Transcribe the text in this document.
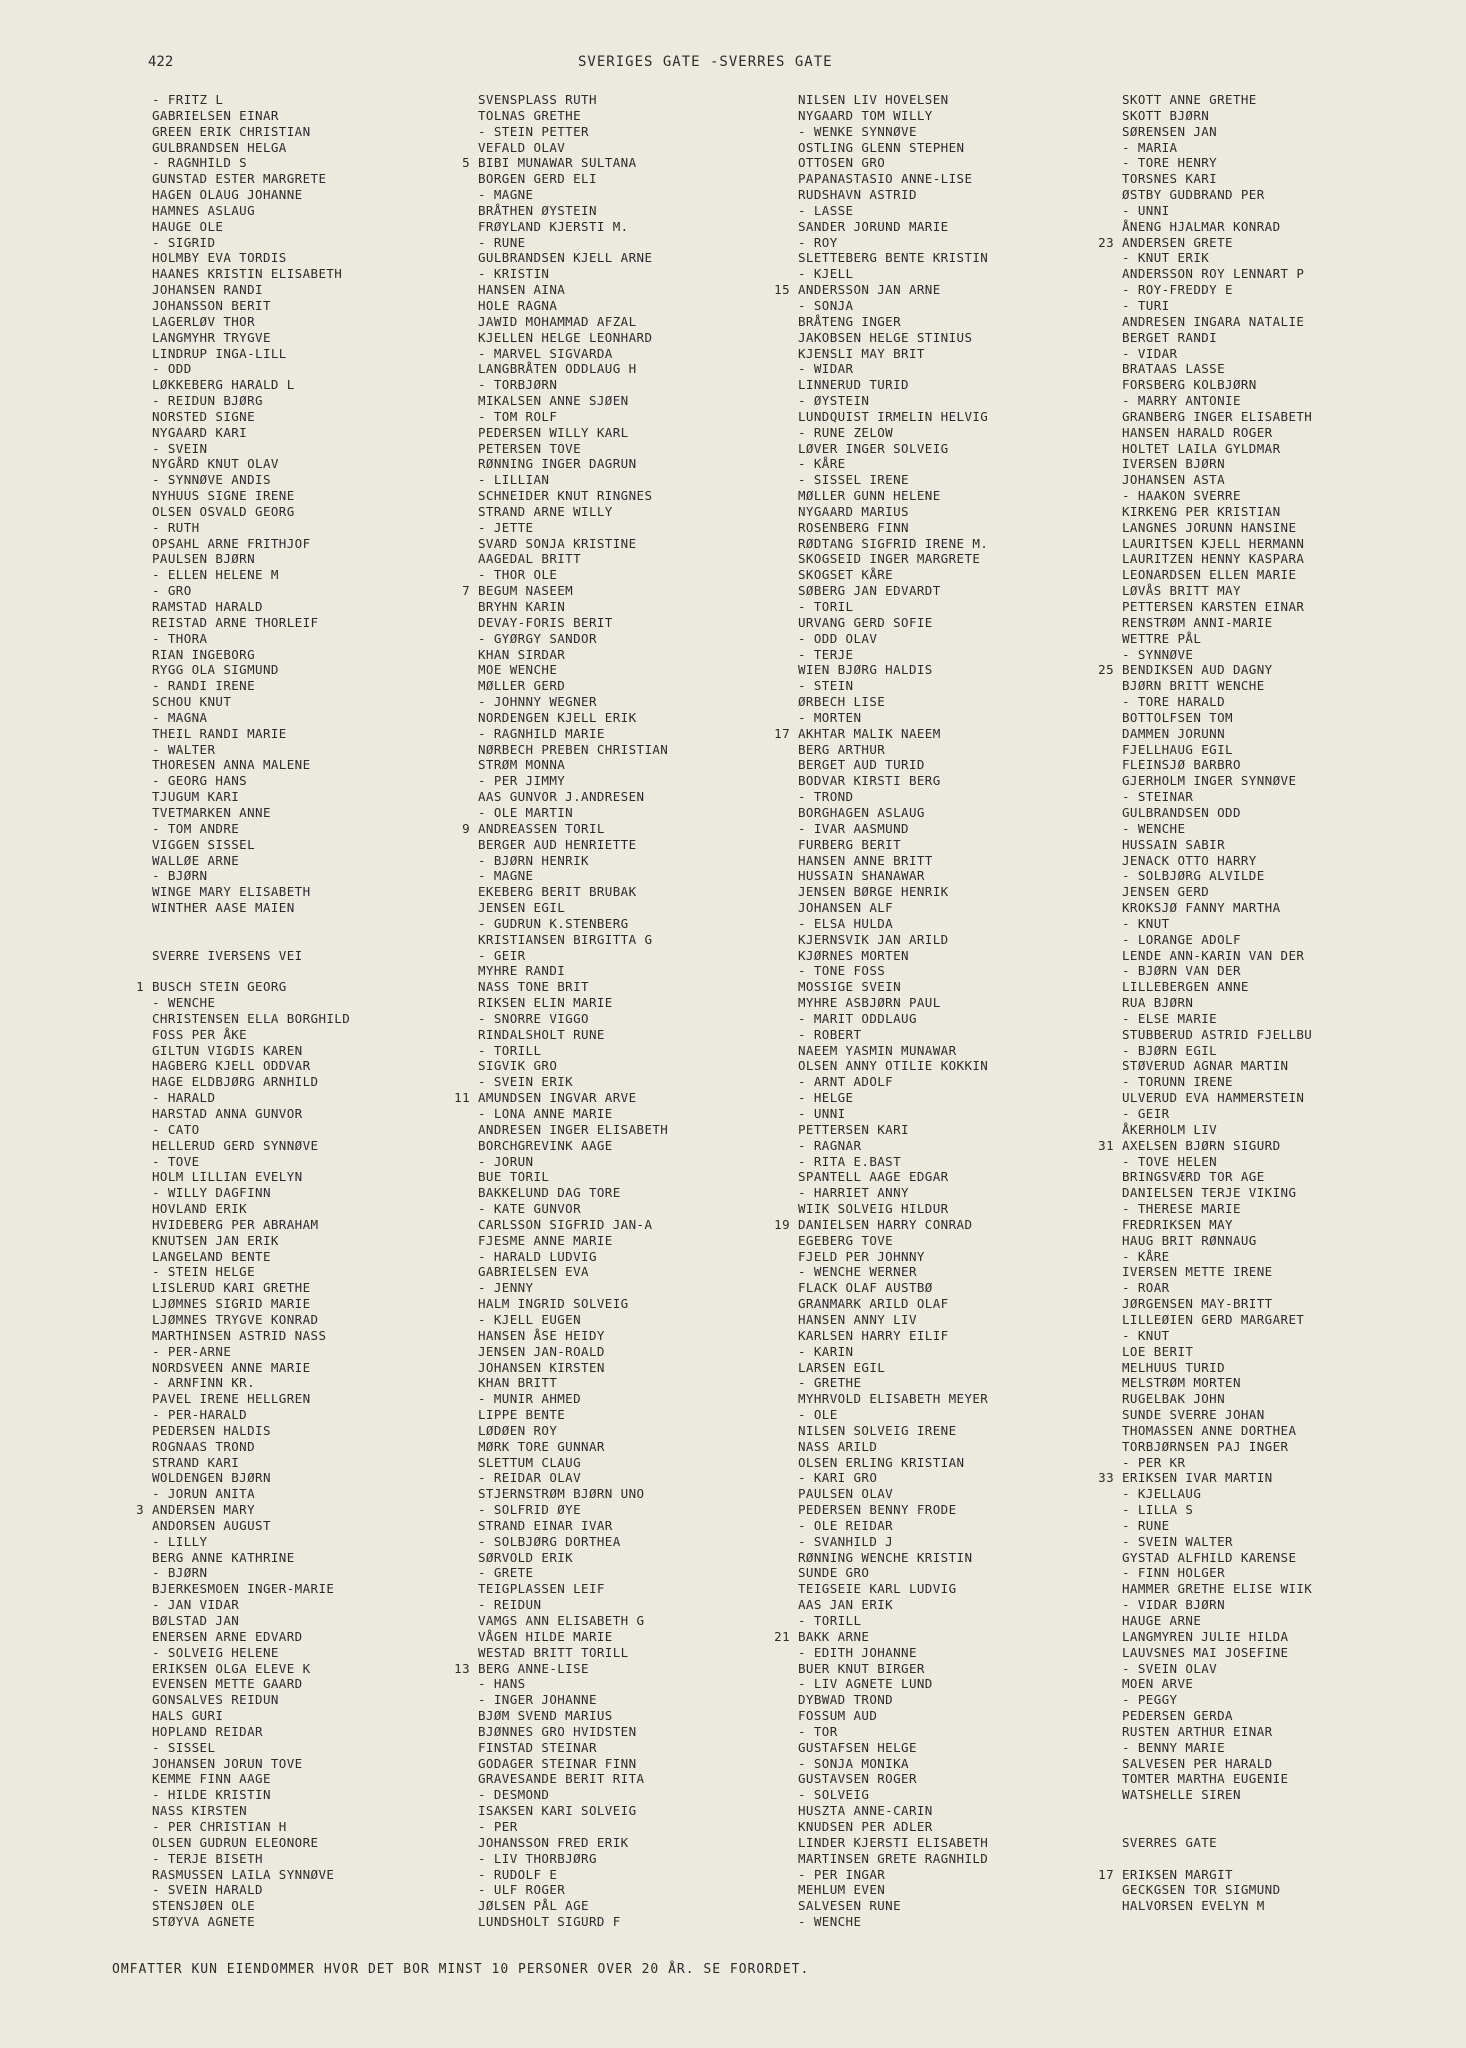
422	SVERIGES GATE -SVERRES GATE
- FRITZ L
GABRIELSEN EINAR
GREEN ERIK CHRISTIAN
GULBRANDSEN HELGA
- RAGNHILD S
GUNSTAD ESTER MARGRETE
HAGEN OLAUG JOHANNE
HAMNES ASLAUG
HAUGE OLE
- SIGRID
HOLMBY EVA TORDIS
HAANES KRISTIN ELISABETH
JOHANSEN RANDI
JOHANSSON BERIT
LAGERLØV THOR
LANGMYHR TRYGVE
LINDRUP INGA-LILL
- ODD
LØKKEBERG HARALD L
- REIDUN BJØRG
NORSTED SIGNE
NYGAARD KARI
- SVEIN
NYGÅRD KNUT OLAV
- SYNNØVE ANDIS
NYHUUS SIGNE IRENE
OLSEN OSVALD GEORG
- RUTH
OPSAHL ARNE FRITHJOF
PAULSEN BJØRN
- ELLEN HELENE M
- GRO
RAMSTAD HARALD
REISTAD ARNE THORLEIF
- THORA
RIAN INGEBORG
RYGG OLA SIGMUND
- RANDI IRENE
SCHOU KNUT
- MAGNA
THEIL RANDI MARIE
- WALTER
THORESEN ANNA MALENE
- GEORG HANS
TJUGUM KARI
TVETMARKEN ANNE
- TOM ANDRE
VIGGEN SISSEL
WALLØE ARNE
- BJØRN
WINGE MARY ELISABETH
WINTHER AASE MAIEN
SVERRE IVERSENS VEI
1 BUSCH STEIN GEORG
- WENCHE
CHRISTENSEN ELLA BORGHILD
FOSS PER ÅKE
GILTUN VIGDIS KAREN
HAGBERG KJELL ODDVAR
HAGE ELDBJØRG ARNHILD
- HARALD
HARSTAD ANNA GUNVOR
- CATO
HELLERUD GERD SYNNØVE
- TOVE
HOLM LILLIAN EVELYN
- WILLY DAGFINN
HOVLAND ERIK
HVIDEBERG PER ABRAHAM
KNUTSEN JAN ERIK
LANGELAND BENTE
- STEIN HELGE
LISLERUD KARI GRETHE
LJØMNES SIGRID MARIE
LJØMNES TRYGVE KONRAD
MARTHINSEN ASTRID NASS
- PER-ARNE
NORDSVEEN ANNE MARIE
- ARNFINN KR.
PAVEL IRENE HELLGREN
- PER-HARALD
PEDERSEN HALDIS
ROGNAAS TROND
STRAND KARI
WOLDENGEN BJØRN
- JORUN ANITA
3 ANDERSEN MARY
ANDORSEN AUGUST
- LILLY
BERG ANNE KATHRINE
- BJØRN
BJERKESMOEN INGER-MARIE
- JAN VIDAR
BØLSTAD JAN
ENERSEN ARNE EDVARD
- SOLVEIG HELENE
ERIKSEN OLGA ELEVE K
EVENSEN METTE GAARD
GONSALVES REIDUN
HALS GURI
HOPLAND REIDAR
- SISSEL
JOHANSEN JORUN TOVE
KEMME FINN AAGE
- HILDE KRISTIN
NASS KIRSTEN
- PER CHRISTIAN H
OLSEN GUDRUN ELEONORE
- TERJE BISETH
RASMUSSEN LAILA SYNNØVE
- SVEIN HARALD
STENSJØEN OLE
STØYVA AGNETE
SVENSPLASS RUTH
TOLNAS GRETHE
- STEIN PETTER
VEFALD OLAV
5 BIBI MUNAWAR SULTANA
BORGEN GERD ELI
- MAGNE
BRÅTHEN ØYSTEIN
FRØYLAND KJERSTI M.
- RUNE
GULBRANDSEN KJELL ARNE
- KRISTIN
HANSEN AINA
HOLE RAGNA
JAWID MOHAMMAD AFZAL
KJELLEN HELGE LEONHARD
- MARVEL SIGVARDA
LANGBRÅTEN ODDLAUG H
- TORBJØRN
MIKALSEN ANNE SJØEN
- TOM ROLF
PEDERSEN WILLY KARL
PETERSEN TOVE
RØNNING INGER DAGRUN
- LILLIAN
SCHNEIDER KNUT RINGNES
STRAND ARNE WILLY
- JETTE
SVARD SONJA KRISTINE
AAGEDAL BRITT
- THOR OLE
7 BEGUM NASEEM
BRYHN KARIN
DEVAY-FORIS BERIT
- GYØRGY SANDOR
KHAN SIRDAR
MOE WENCHE
MØLLER GERD
- JOHNNY WEGNER
NORDENGEN KJELL ERIK
- RAGNHILD MARIE
NØRBECH PREBEN CHRISTIAN
STRØM MONNA
- PER JIMMY
AAS GUNVOR J.ANDRESEN
- OLE MARTIN
9 ANDREASSEN TORIL
BERGER AUD HENRIETTE
- BJØRN HENRIK
- MAGNE
EKEBERG BERIT BRUBAK
JENSEN EGIL
- GUDRUN K.STENBERG
KRISTIANSEN BIRGITTA G
- GEIR
MYHRE RANDI
NASS TONE BRIT
RIKSEN ELIN MARIE
- SNORRE VIGGO
RINDALSHOLT RUNE
- TORILL
SIGVIK GRO
- SVEIN ERIK
11 AMUNDSEN INGVAR ARVE
- LONA ANNE MARIE
ANDRESEN INGER ELISABETH
BORCHGREVINK AAGE
- JORUN
BUE TORIL
BAKKELUND DAG TORE
- KATE GUNVOR
CARLSSON SIGFRID JAN-A
FJESME ANNE MARIE
- HARALD LUDVIG
GABRIELSEN EVA
- JENNY
HALM INGRID SOLVEIG
- KJELL EUGEN
HANSEN ÅSE HEIDY
JENSEN JAN-ROALD
JOHANSEN KIRSTEN
KHAN BRITT
- MUNIR AHMED
LIPPE BENTE
LØDØEN ROY
MØRK TORE GUNNAR
SLETTUM CLAUG
- REIDAR OLAV
STJERNSTRØM BJØRN UNO
- SOLFRID ØYE
STRAND EINAR IVAR
- SOLBJØRG DORTHEA
SØRVOLD ERIK
- GRETE
TEIGPLASSEN LEIF
- REIDUN
VAMGS ANN ELISABETH G
VÅGEN HILDE MARIE
WESTAD BRITT TORILL
13 BERG ANNE-LISE
- HANS
- INGER JOHANNE
BJØM SVEND MARIUS
BJØNNES GRO HVIDSTEN
FINSTAD STEINAR
GODAGER STEINAR FINN
GRAVESANDE BERIT RITA
- DESMOND
ISAKSEN KARI SOLVEIG
- PER
JOHANSSON FRED ERIK
- LIV THORBJØRG
- RUDOLF E
- ULF ROGER
JØLSEN PÅL AGE
LUNDSHOLT SIGURD F
NILSEN LIV HOVELSEN
NYGAARD TOM WILLY
- WENKE SYNNØVE
OSTLING GLENN STEPHEN
OTTOSEN GRO
PAPANASTASIO ANNE-LISE
RUDSHAVN ASTRID
- LASSE
SANDER JORUND MARIE
- ROY
SLETTEBERG BENTE KRISTIN
- KJELL
15 ANDERSSON JAN ARNE
- SONJA
BRÅTENG INGER
JAKOBSEN HELGE STINIUS
KJENSLI MAY BRIT
- WIDAR
LINNERUD TURID
- ØYSTEIN
LUNDQUIST IRMELIN HELVIG
- RUNE ZELOW
LØVER INGER SOLVEIG
- KÅRE
- SISSEL IRENE
MØLLER GUNN HELENE
NYGAARD MARIUS
ROSENBERG FINN
RØDTANG SIGFRID IRENE M.
SKOGSEID INGER MARGRETE
SKOGSET KÅRE
SØBERG JAN EDVARDT
- TORIL
URVANG GERD SOFIE
- ODD OLAV
- TERJE
WIEN BJØRG HALDIS
- STEIN
ØRBECH LISE
- MORTEN
17 AKHTAR MALIK NAEEM
BERG ARTHUR
BERGET AUD TURID
BODVAR KIRSTI BERG
- TROND
BORGHAGEN ASLAUG
- IVAR AASMUND
FURBERG BERIT
HANSEN ANNE BRITT
HUSSAIN SHANAWAR
JENSEN BØRGE HENRIK
JOHANSEN ALF
- ELSA HULDA
KJERNSVIK JAN ARILD
KJØRNES MORTEN
- TONE FOSS
MOSSIGE SVEIN
MYHRE ASBJØRN PAUL
- MARIT ODDLAUG
- ROBERT
NAEEM YASMIN MUNAWAR
OLSEN ANNY OTILIE KOKKIN
- ARNT ADOLF
- HELGE
- UNNI
PETTERSEN KARI
- RAGNAR
- RITA E.BAST
SPANTELL AAGE EDGAR
- HARRIET ANNY
WIIK SOLVEIG HILDUR
19 DANIELSEN HARRY CONRAD
EGEBERG TOVE
FJELD PER JOHNNY
- WENCHE WERNER
FLACK OLAF AUSTBØ
GRANMARK ARILD OLAF
HANSEN ANNY LIV
KARLSEN HARRY EILIF
- KARIN
LARSEN EGIL
- GRETHE
MYHRVOLD ELISABETH MEYER
- OLE
NILSEN SOLVEIG IRENE
NASS ARILD
OLSEN ERLING KRISTIAN
- KARI GRO
PAULSEN OLAV
PEDERSEN BENNY FRODE
- OLE REIDAR
- SVANHILD J
RØNNING WENCHE KRISTIN
SUNDE GRO
TEIGSEIE KARL LUDVIG
AAS JAN ERIK
- TORILL
21 BAKK ARNE
- EDITH JOHANNE
BUER KNUT BIRGER
- LIV AGNETE LUND
DYBWAD TROND
FOSSUM AUD
- TOR
GUSTAFSEN HELGE
- SONJA MONIKA
GUSTAVSEN ROGER
- SOLVEIG
HUSZTA ANNE-CARIN
KNUDSEN PER ADLER
LINDER KJERSTI ELISABETH
MARTINSEN GRETE RAGNHILD
- PER INGAR
MEHLUM EVEN
SALVESEN RUNE
- WENCHE
SKOTT ANNE GRETHE
SKOTT BJØRN
SØRENSEN JAN
- MARIA
- TORE HENRY
TORSNES KARI
ØSTBY GUDBRAND PER
- UNNI
ÅNENG HJALMAR KONRAD
23 ANDERSEN GRETE
- KNUT ERIK
ANDERSSON ROY LENNART P
- ROY-FREDDY E
- TURI
ANDRESEN INGARA NATALIE
BERGET RANDI
- VIDAR
BRATAAS LASSE
FORSBERG KOLBJØRN
- MARRY ANTONIE
GRANBERG INGER ELISABETH
HANSEN HARALD ROGER
HOLTET LAILA GYLDMAR
IVERSEN BJØRN
JOHANSEN ASTA
- HAAKON SVERRE
KIRKENG PER KRISTIAN
LANGNES JORUNN HANSINE
LAURITSEN KJELL HERMANN
LAURITZEN HENNY KASPARA
LEONARDSEN ELLEN MARIE
LØVÅS BRITT MAY
PETTERSEN KARSTEN EINAR
RENSTRØM ANNI-MARIE
WETTRE PÅL
- SYNNØVE
25 BENDIKSEN AUD DAGNY
BJØRN BRITT WENCHE
- TORE HARALD
BOTTOLFSEN TOM
DAMMEN JORUNN
FJELLHAUG EGIL
FLEINSJØ BARBRO
GJERHOLM INGER SYNNØVE
- STEINAR
GULBRANDSEN ODD
- WENCHE
HUSSAIN SABIR
JENACK OTTO HARRY
- SOLBJØRG ALVILDE
JENSEN GERD
KROKSJØ FANNY MARTHA
- KNUT
- LORANGE ADOLF
LENDE ANN-KARIN VAN DER
- BJØRN VAN DER
LILLEBERGEN ANNE
RUA BJØRN
- ELSE MARIE
STUBBERUD ASTRID FJELLBU
- BJØRN EGIL
STØVERUD AGNAR MARTIN
- TORUNN IRENE
ULVERUD EVA HAMMERSTEIN
- GEIR
ÅKERHOLM LIV
31 AXELSEN BJØRN SIGURD
- TOVE HELEN
BRINGSVÆRD TOR AGE
DANIELSEN TERJE VIKING
- THERESE MARIE
FREDRIKSEN MAY
HAUG BRIT RØNNAUG
- KÅRE
IVERSEN METTE IRENE
- ROAR
JØRGENSEN MAY-BRITT
LILLEØIEN GERD MARGARET
- KNUT
LOE BERIT
MELHUUS TURID
MELSTRØM MORTEN
RUGELBAK JOHN
SUNDE SVERRE JOHAN
THOMASSEN ANNE DORTHEA
TORBJØRNSEN PAJ INGER
- PER KR
33 ERIKSEN IVAR MARTIN
- KJELLAUG
- LILLA S
- RUNE
- SVEIN WALTER
GYSTAD ALFHILD KARENSE
- FINN HOLGER
HAMMER GRETHE ELISE WIIK
- VIDAR BJØRN
HAUGE ARNE
LANGMYREN JULIE HILDA
LAUVSNES MAI JOSEFINE
- SVEIN OLAV
MOEN ARVE
- PEGGY
PEDERSEN GERDA
RUSTEN ARTHUR EINAR
- BENNY MARIE
SALVESEN PER HARALD
TOMTER MARTHA EUGENIE
WATSHELLE SIREN
SVERRES GATE
17 ERIKSEN MARGIT
GECKGSEN TOR SIGMUND
HALVORSEN EVELYN M
OMFATTER KUN EIENDOMMER HVOR DET BOR MINST 10 PERSONER OVER 20 ÅR. SE FORORDET.
